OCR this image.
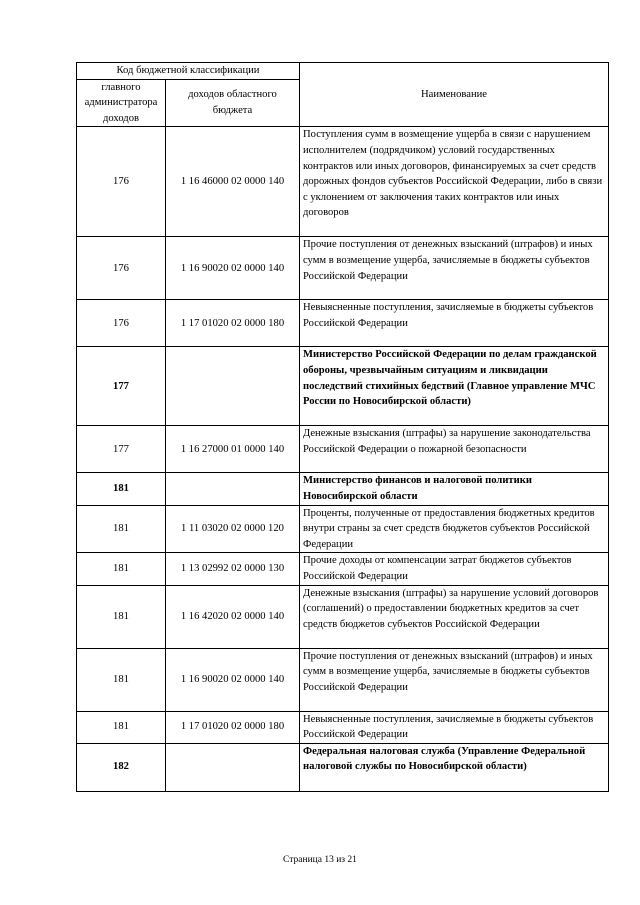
Код бюджетной классификации		Наименование
главного администратора доходов	доходов областного бюджета	
176	1 16 46000 02 0000 140	Поступления сумм в возмещение ущерба в связи с нарушением исполнителем (подрядчиком) условий государственных контрактов или иных договоров, финансируемых за счет средств дорожных фондов субъектов Российской Федерации, либо в связи с уклонением от заключения таких контрактов или иных договоров
176	1 16 90020 02 0000 140	Прочие поступления от денежных взысканий (штрафов) и иных сумм в возмещение ущерба, зачисляемые в бюджеты субъектов Российской Федерации
176	1 17 01020 02 0000 180	Невыясненные поступления, зачисляемые в бюджеты субъектов Российской Федерации
177		Министерство Российской Федерации по делам гражданской обороны, чрезвычайным ситуациям и ликвидации последствий стихийных бедствий (Главное управление МЧС России по Новосибирской области)
177	1 16 27000 01 0000 140	Денежные взыскания (штрафы) за нарушение законодательства Российской Федерации о пожарной безопасности
181		Министерство финансов и налоговой политики Новосибирской области
181	1 11 03020 02 0000 120	Проценты, полученные от предоставления бюджетных кредитов внутри страны за счет средств бюджетов субъектов Российской Федерации
181	1 13 02992 02 0000 130	Прочие доходы от компенсации затрат бюджетов субъектов Российской Федерации
181	1 16 42020 02 0000 140	Денежные взыскания (штрафы) за нарушение условий договоров (соглашений) о предоставлении бюджетных кредитов за счет средств бюджетов субъектов Российской Федерации
181	1 16 90020 02 0000 140	Прочие поступления от денежных взысканий (штрафов) и иных сумм в возмещение ущерба, зачисляемые в бюджеты субъектов Российской Федерации
181	1 17 01020 02 0000 180	Невыясненные поступления, зачисляемые в бюджеты субъектов Российской Федерации
182		Федеральная налоговая служба (Управление Федеральной налоговой службы по Новосибирской области)
Страница 13 из 21
